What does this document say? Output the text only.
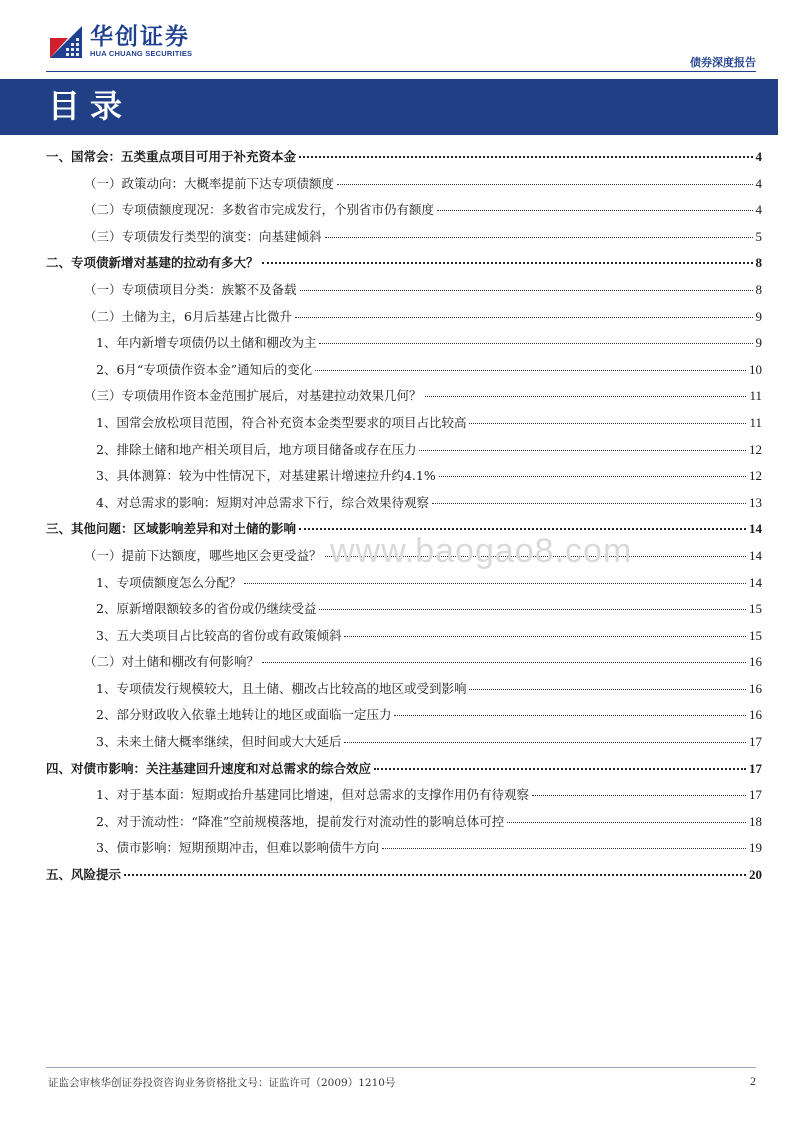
华创证券
HUA CHUANG SECURITIES
债券深度报告
目录
一、国常会：五类重点项目可用于补充资本金	4
（一）政策动向：大概率提前下达专项债额度	4
（二）专项债额度现况：多数省市完成发行，个别省市仍有额度	4
（三）专项债发行类型的演变：向基建倾斜	5
二、专项债新增对基建的拉动有多大？	8
（一）专项债项目分类：族繁不及备载	8
（二）土储为主，6月后基建占比微升	9
1、年内新增专项债仍以土储和棚改为主	9
2、6月“专项债作资本金”通知后的变化	10
（三）专项债用作资本金范围扩展后，对基建拉动效果几何？	11
1、国常会放松项目范围，符合补充资本金类型要求的项目占比较高	11
2、排除土储和地产相关项目后，地方项目储备或存在压力	12
3、具体测算：较为中性情况下，对基建累计增速拉升约4.1%	12
4、对总需求的影响：短期对冲总需求下行，综合效果待观察	13
三、其他问题：区域影响差异和对土储的影响	14
（一）提前下达额度，哪些地区会更受益？	14
1、专项债额度怎么分配？	14
2、原新增限额较多的省份或仍继续受益	15
3、五大类项目占比较高的省份或有政策倾斜	15
（二）对土储和棚改有何影响？	16
1、专项债发行规模较大，且土储、棚改占比较高的地区或受到影响	16
2、部分财政收入依靠土地转让的地区或面临一定压力	16
3、未来土储大概率继续，但时间或大大延后	17
四、对债市影响：关注基建回升速度和对总需求的综合效应	17
1、对于基本面：短期或抬升基建同比增速，但对总需求的支撑作用仍有待观察	17
2、对于流动性：“降准”空前规模落地，提前发行对流动性的影响总体可控	18
3、债市影响：短期预期冲击，但难以影响债牛方向	19
五、风险提示	20
www.baogao8.com
证监会审核华创证券投资咨询业务资格批文号：证监许可（2009）1210号	2
